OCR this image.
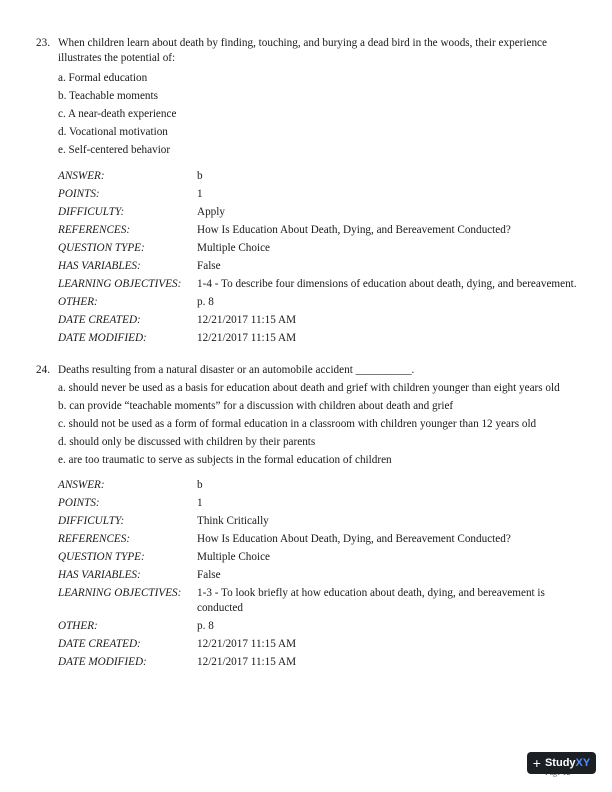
23. When children learn about death by finding, touching, and burying a dead bird in the woods, their experience illustrates the potential of:
a. Formal education
b. Teachable moments
c. A near-death experience
d. Vocational motivation
e. Self-centered behavior
ANSWER:	b
POINTS:	1
DIFFICULTY:	Apply
REFERENCES:	How Is Education About Death, Dying, and Bereavement Conducted?
QUESTION TYPE:	Multiple Choice
HAS VARIABLES:	False
LEARNING OBJECTIVES:	1-4 - To describe four dimensions of education about death, dying, and bereavement.
OTHER:	p. 8
DATE CREATED:	12/21/2017 11:15 AM
DATE MODIFIED:	12/21/2017 11:15 AM
24. Deaths resulting from a natural disaster or an automobile accident __________.
a. should never be used as a basis for education about death and grief with children younger than eight years old
b. can provide “teachable moments” for a discussion with children about death and grief
c. should not be used as a form of formal education in a classroom with children younger than 12 years old
d. should only be discussed with children by their parents
e. are too traumatic to serve as subjects in the formal education of children
ANSWER:	b
POINTS:	1
DIFFICULTY:	Think Critically
REFERENCES:	How Is Education About Death, Dying, and Bereavement Conducted?
QUESTION TYPE:	Multiple Choice
HAS VARIABLES:	False
LEARNING OBJECTIVES:	1-3 - To look briefly at how education about death, dying, and bereavement is conducted
OTHER:	p. 8
DATE CREATED:	12/21/2017 11:15 AM
DATE MODIFIED:	12/21/2017 11:15 AM
+ StudyXY
